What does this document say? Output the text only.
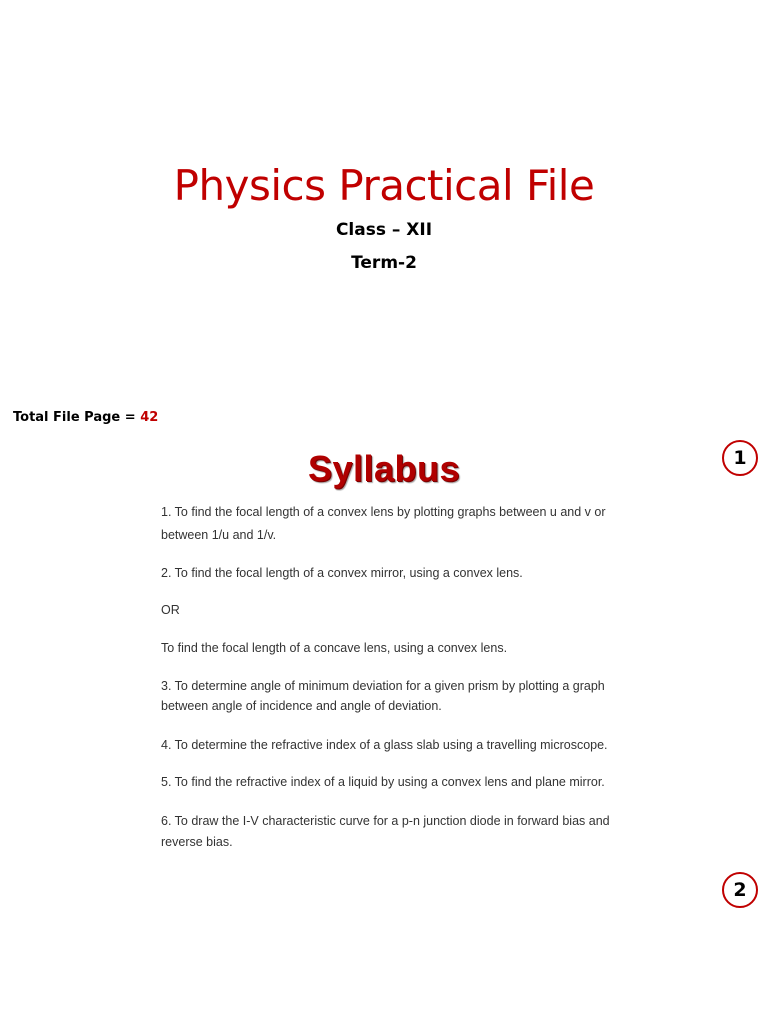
Physics Practical File
Class – XII
Term-2
Total File Page = 42
1
Syllabus
1. To find the focal length of a convex lens by plotting graphs between u and v or
between 1/u and 1/v.
2. To find the focal length of a convex mirror, using a convex lens.
OR
To find the focal length of a concave lens, using a convex lens.
3. To determine angle of minimum deviation for a given prism by plotting a graph
between angle of incidence and angle of deviation.
4. To determine the refractive index of a glass slab using a travelling microscope.
5. To find the refractive index of a liquid by using a convex lens and plane mirror.
6. To draw the I-V characteristic curve for a p-n junction diode in forward bias and
reverse bias.
2
